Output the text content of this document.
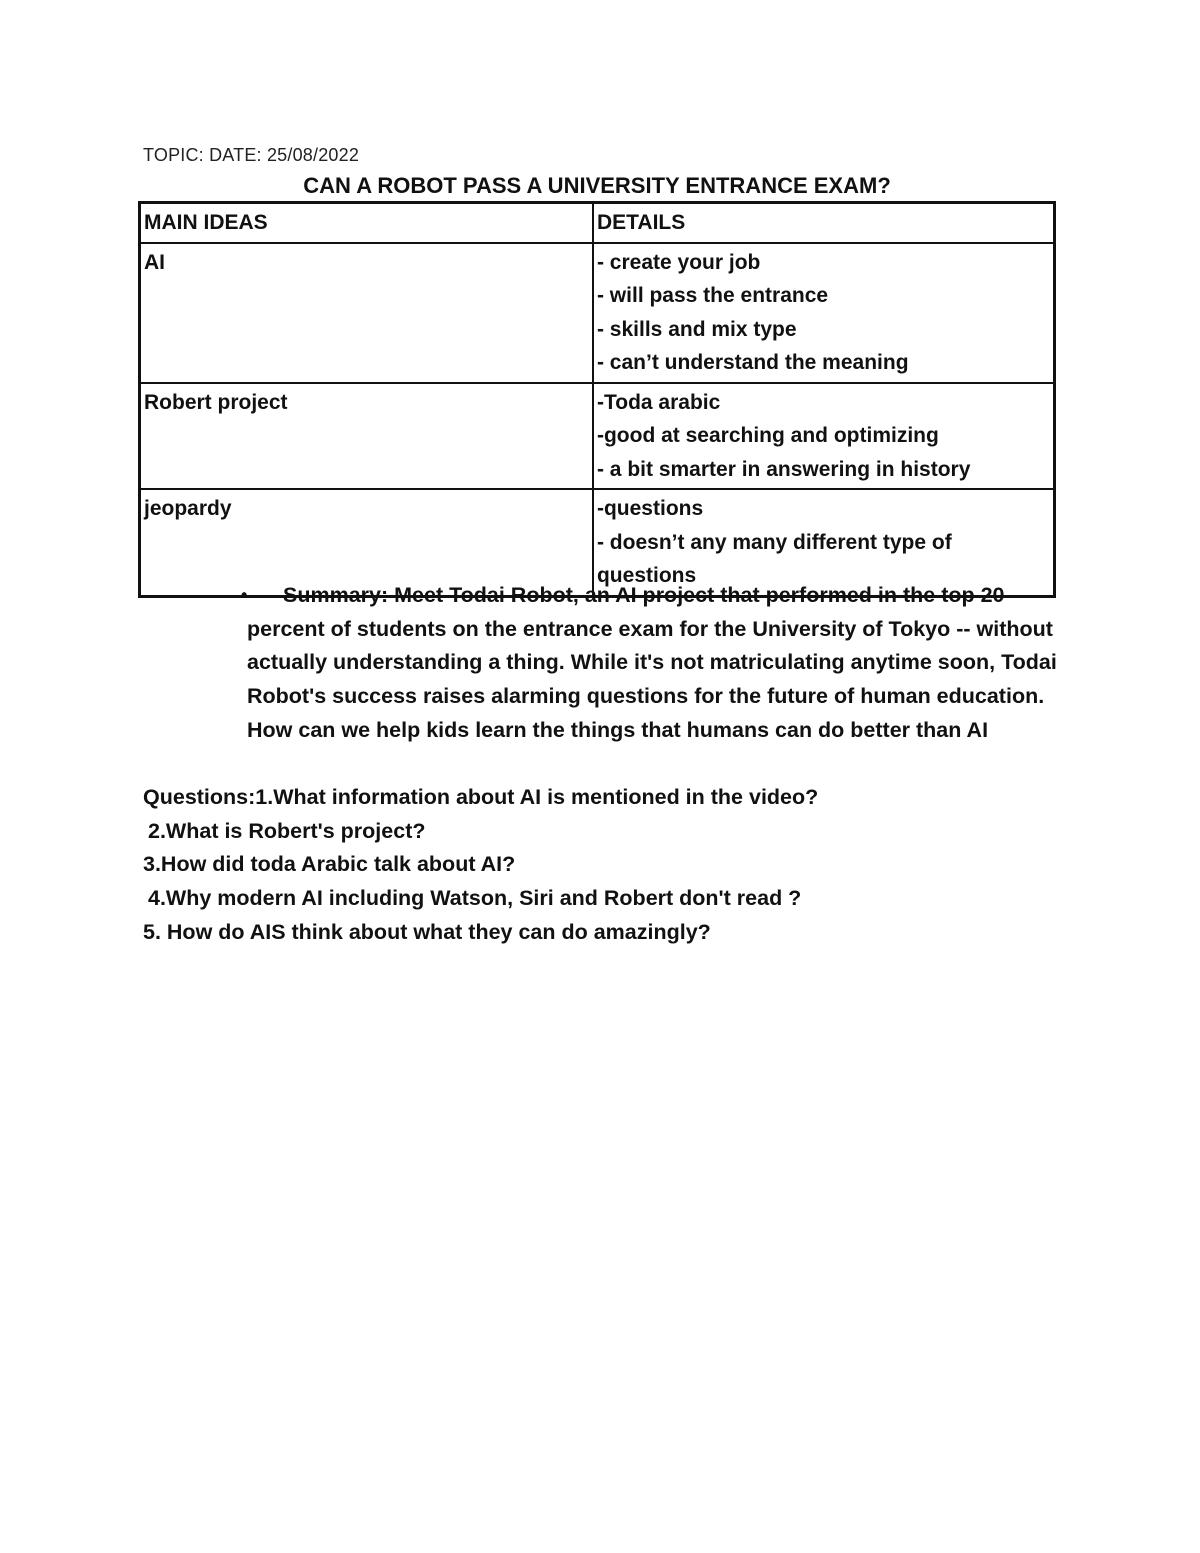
TOPIC: DATE: 25/08/2022
CAN A ROBOT PASS A UNIVERSITY ENTRANCE EXAM?
MAIN IDEAS	DETAILS
AI	- create your job
- will pass the entrance
- skills and mix type
- can’t understand the meaning

Robert project	-Toda arabic
-good at searching and optimizing
- a bit smarter in answering in history

jeopardy	-questions
- doesn’t any many different type of
questions
•	Summary: Meet Todai Robot, an AI project that performed in the top 20 percent of students on the entrance exam for the University of Tokyo -- without actually understanding a thing. While it's not matriculating anytime soon, Todai Robot's success raises alarming questions for the future of human education. How can we help kids learn the things that humans can do better than AI

Questions:1.What information about AI is mentioned in the video?
2.What is Robert's project?
3.How did toda Arabic talk about AI?
4.Why modern AI including Watson, Siri and Robert don't read ?
5. How do AIS think about what they can do amazingly?
